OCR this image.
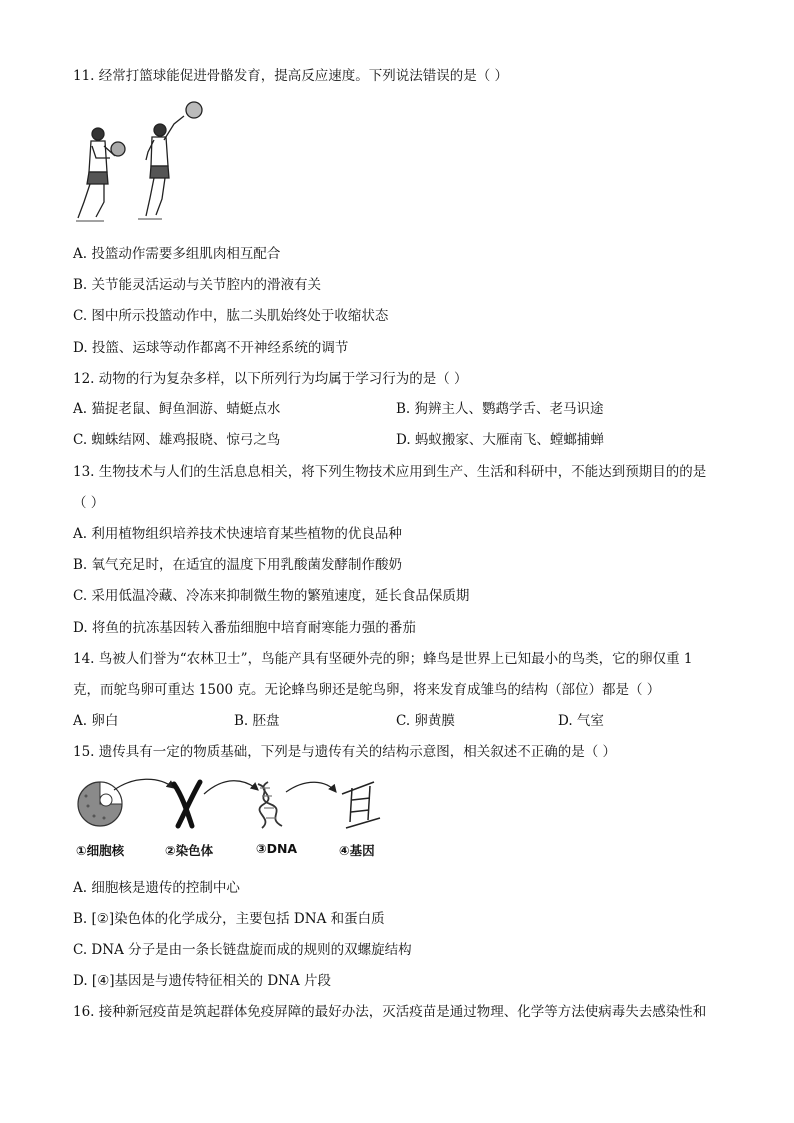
11. 经常打篮球能促进骨骼发育，提高反应速度。下列说法错误的是（ ）
A. 投篮动作需要多组肌肉相互配合
B. 关节能灵活运动与关节腔内的滑液有关
C. 图中所示投篮动作中，肱二头肌始终处于收缩状态
D. 投篮、运球等动作都离不开神经系统的调节
12. 动物的行为复杂多样，以下所列行为均属于学习行为的是（ ）
A. 猫捉老鼠、鲟鱼洄游、蜻蜓点水	B. 狗辨主人、鹦鹉学舌、老马识途
C. 蜘蛛结网、雄鸡报晓、惊弓之鸟	D. 蚂蚁搬家、大雁南飞、螳螂捕蝉
13. 生物技术与人们的生活息息相关，将下列生物技术应用到生产、生活和科研中，不能达到预期目的的是
（ ）
A. 利用植物组织培养技术快速培育某些植物的优良品种
B. 氧气充足时，在适宜的温度下用乳酸菌发酵制作酸奶
C. 采用低温冷藏、冷冻来抑制微生物的繁殖速度，延长食品保质期
D. 将鱼的抗冻基因转入番茄细胞中培育耐寒能力强的番茄
14. 鸟被人们誉为“农林卫士”，鸟能产具有坚硬外壳的卵；蜂鸟是世界上已知最小的鸟类，它的卵仅重 1
克，而鸵鸟卵可重达 1500 克。无论蜂鸟卵还是鸵鸟卵，将来发育成雏鸟的结构（部位）都是（ ）
A. 卵白	B. 胚盘	C. 卵黄膜	D. 气室
15. 遗传具有一定的物质基础，下列是与遗传有关的结构示意图，相关叙述不正确的是（ ）
①细胞核	②染色体	③DNA	④基因
A. 细胞核是遗传的控制中心
B. [②]染色体的化学成分，主要包括 DNA 和蛋白质
C. DNA 分子是由一条长链盘旋而成的规则的双螺旋结构
D. [④]基因是与遗传特征相关的 DNA 片段
16. 接种新冠疫苗是筑起群体免疫屏障的最好办法，灭活疫苗是通过物理、化学等方法使病毒失去感染性和
